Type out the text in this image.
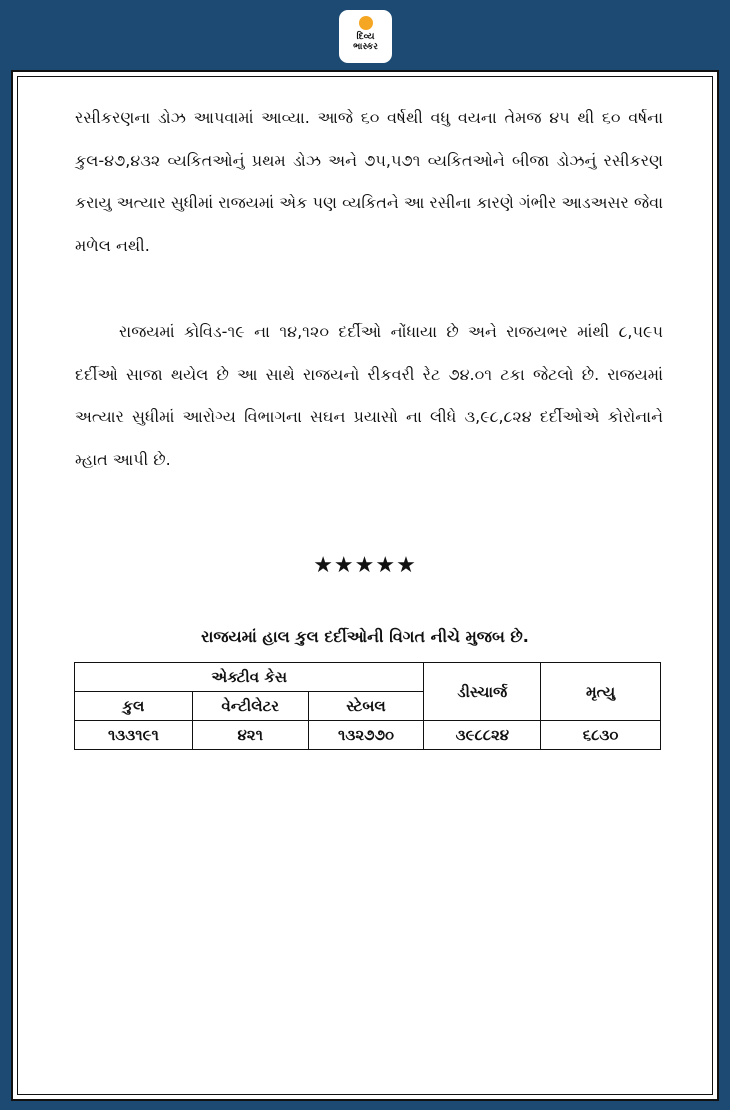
દિવ્ય
ભાસ્કર

રસીકરણના ડોઝ આપવામાં આવ્યા. આજે ૬૦ વર્ષથી વધુ વયના તેમજ ૪૫ થી ૬૦ વર્ષના કુલ-૪૭,૪૩૨ વ્યકિતઓનું પ્રથમ ડોઝ અને ૭૫,૫૭૧ વ્યકિતઓને બીજા ડોઝનું રસીકરણ કરાયુ અત્યાર સુધીમાં રાજયમાં એક પણ વ્યકિતને આ રસીના કારણે ગંભીર આડઅસર જેવા મળેલ નથી.

રાજયમાં કોવિડ-૧૯ ના ૧૪,૧૨૦ દર્દીઓ નોંધાયા છે અને રાજયભર માંથી ૮,૫૯૫ દર્દીઓ સાજા થયેલ છે આ સાથે રાજયનો રીકવરી રેટ ૭૪.૦૧ ટકા જેટલો છે. રાજયમાં અત્યાર સુધીમાં આરોગ્ય વિભાગના સઘન પ્રયાસો ના લીધે ૩,૯૮,૮૨૪ દર્દીઓએ કોરોનાને મ્હાત આપી છે.

★★★★★
રાજયમાં હાલ કુલ દર્દીઓની વિગત નીચે મુજબ છે.
એક્ટીવ કેસ			ડીસ્ચાર્જ	મૃત્યુ
કુલ	વેન્ટીલેટર	સ્ટેબલ		
૧૩૩૧૯૧	૪૨૧	૧૩૨૭૭૦	૩૯૮૮૨૪	૬૮૩૦
